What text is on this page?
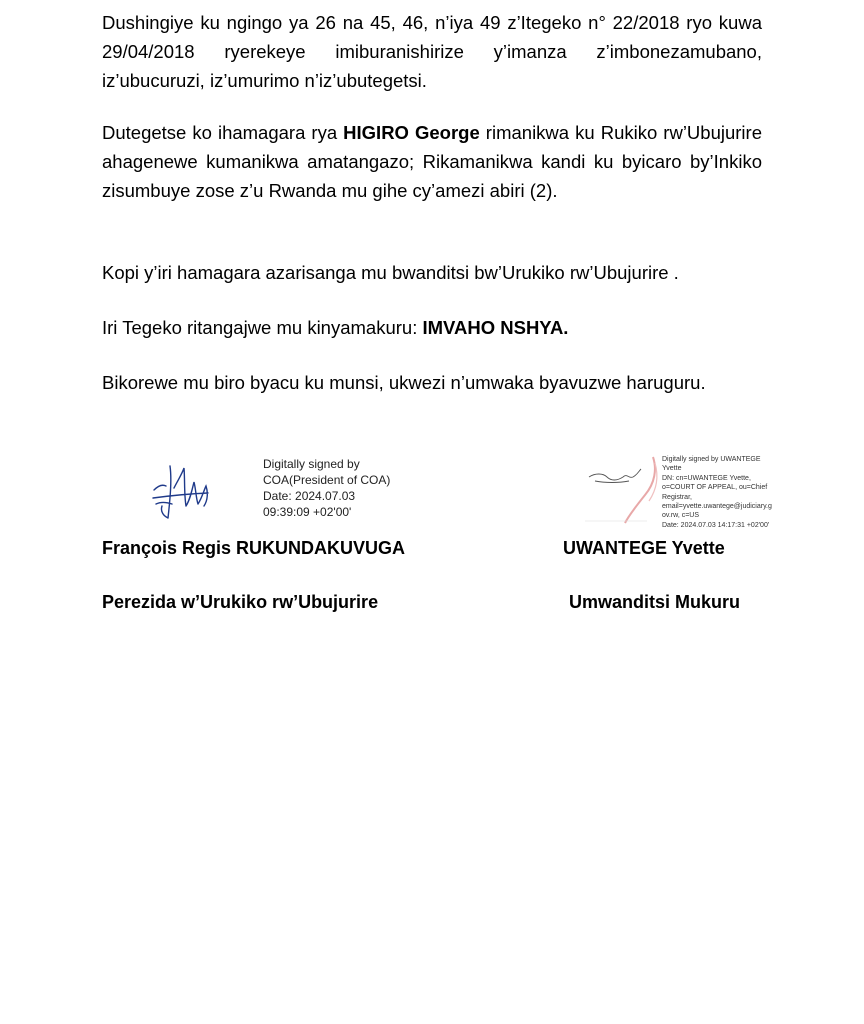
Dushingiye ku ngingo ya 26 na 45, 46, n’iya 49 z’Itegeko n° 22/2018 ryo kuwa 29/04/2018 ryerekeye imiburanishirize y’imanza z’imbonezamubano, iz’ubucuruzi, iz’umurimo n’iz’ubutegetsi.

Dutegetse ko ihamagara rya HIGIRO George rimanikwa ku Rukiko rw’Ubujurire ahagenewe kumanikwa amatangazo; Rikamanikwa kandi ku byicaro by’Inkiko zisumbuye zose z’u Rwanda mu gihe cy’amezi abiri (2).

Kopi y’iri hamagara azarisanga mu bwanditsi bw’Urukiko rw’Ubujurire .

Iri Tegeko ritangajwe mu kinyamakuru: IMVAHO NSHYA.

Bikorewe mu biro byacu ku munsi, ukwezi n’umwaka byavuzwe haruguru.

Digitally signed by
COA(President of COA)
Date: 2024.07.03
09:39:09 +02'00'
Digitally signed by UWANTEGE
Yvette
DN: cn=UWANTEGE Yvette,
o=COURT OF APPEAL, ou=Chief
Registrar,
email=yvette.uwantege@judiciary.g
ov.rw, c=US
Date: 2024.07.03 14:17:31 +02'00'
François Regis RUKUNDAKUVUGA
Perezida w’Urukiko rw’Ubujurire
UWANTEGE Yvette
Umwanditsi Mukuru
